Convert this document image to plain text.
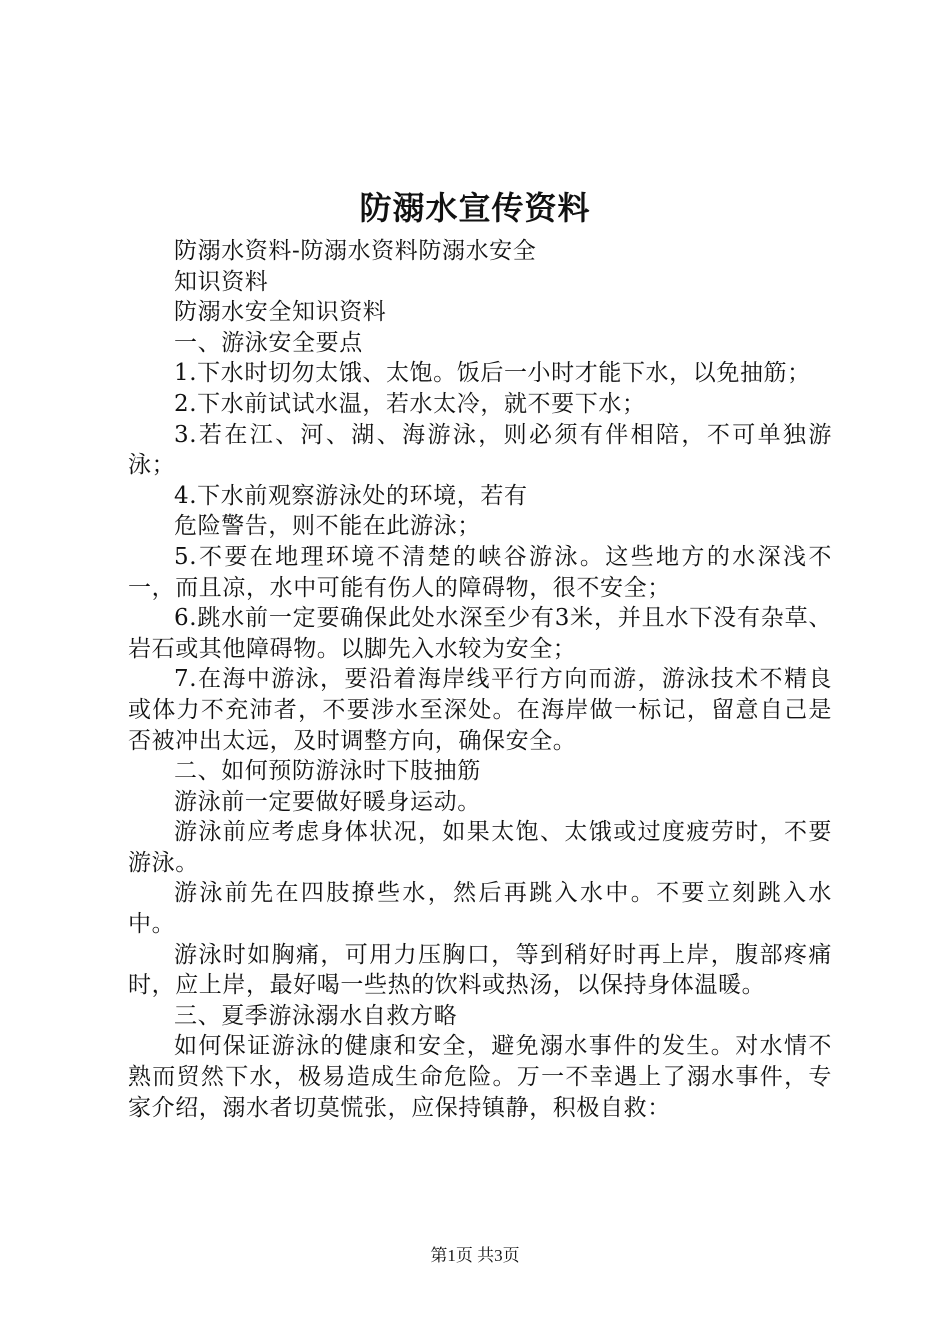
防溺水宣传资料

防溺水资料-防溺水资料防溺水安全

知识资料

防溺水安全知识资料

一、游泳安全要点

1.下水时切勿太饿、太饱。饭后一小时才能下水，以免抽筋；

2.下水前试试水温，若水太冷，就不要下水；

3.若在江、河、湖、海游泳，则必须有伴相陪，不可单独游泳；

4.下水前观察游泳处的环境，若有

危险警告，则不能在此游泳；

5.不要在地理环境不清楚的峡谷游泳。这些地方的水深浅不一，而且凉，水中可能有伤人的障碍物，很不安全；

6.跳水前一定要确保此处水深至少有3米，并且水下没有杂草、岩石或其他障碍物。以脚先入水较为安全；

7.在海中游泳，要沿着海岸线平行方向而游，游泳技术不精良或体力不充沛者，不要涉水至深处。在海岸做一标记，留意自己是否被冲出太远，及时调整方向，确保安全。

二、如何预防游泳时下肢抽筋

游泳前一定要做好暖身运动。

游泳前应考虑身体状况，如果太饱、太饿或过度疲劳时，不要游泳。

游泳前先在四肢撩些水，然后再跳入水中。不要立刻跳入水中。

游泳时如胸痛，可用力压胸口，等到稍好时再上岸，腹部疼痛时，应上岸，最好喝一些热的饮料或热汤，以保持身体温暖。

三、夏季游泳溺水自救方略

如何保证游泳的健康和安全，避免溺水事件的发生。对水情不熟而贸然下水，极易造成生命危险。万一不幸遇上了溺水事件，专家介绍，溺水者切莫慌张，应保持镇静，积极自救：

第1页 共3页
